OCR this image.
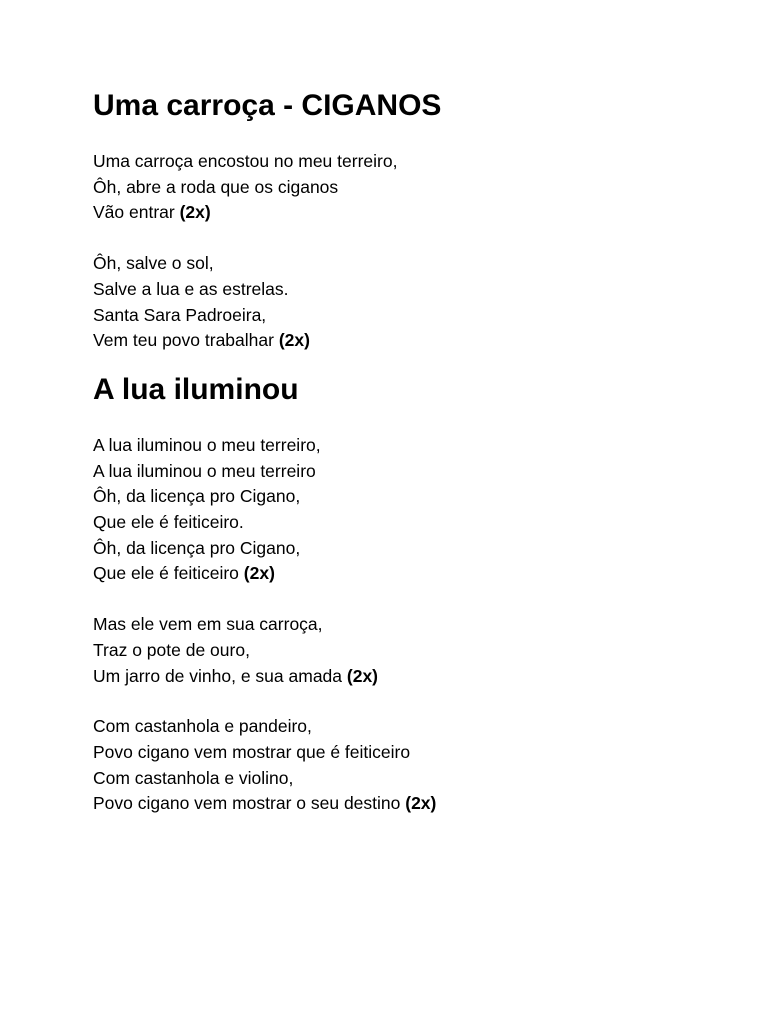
Uma carroça - CIGANOS
Uma carroça encostou no meu terreiro,
Ôh, abre a roda que os ciganos
Vão entrar (2x)
Ôh, salve o sol,
Salve a lua e as estrelas.
Santa Sara Padroeira,
Vem teu povo trabalhar (2x)
A lua iluminou
A lua iluminou o meu terreiro,
A lua iluminou o meu terreiro
Ôh, da licença pro Cigano,
Que ele é feiticeiro.
Ôh, da licença pro Cigano,
Que ele é feiticeiro (2x)
Mas ele vem em sua carroça,
Traz o pote de ouro,
Um jarro de vinho, e sua amada (2x)
Com castanhola e pandeiro,
Povo cigano vem mostrar que é feiticeiro
Com castanhola e violino,
Povo cigano vem mostrar o seu destino (2x)
